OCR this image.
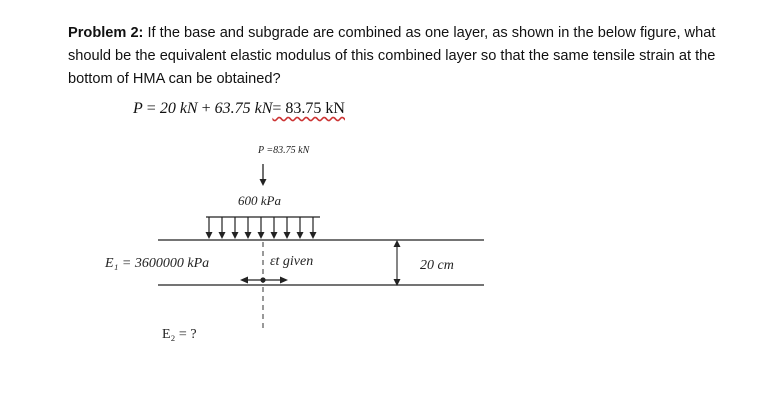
Problem 2: If the base and subgrade are combined as one layer, as shown in the below figure, what should be the equivalent elastic modulus of this combined layer so that the same tensile strain at the bottom of HMA can be obtained?
P = 20 kN + 63.75 kN= 83.75 kN
P =83.75 kN
600 kPa
E₁ = 3600000 kPa	εt given	20 cm
E₂ = ?
